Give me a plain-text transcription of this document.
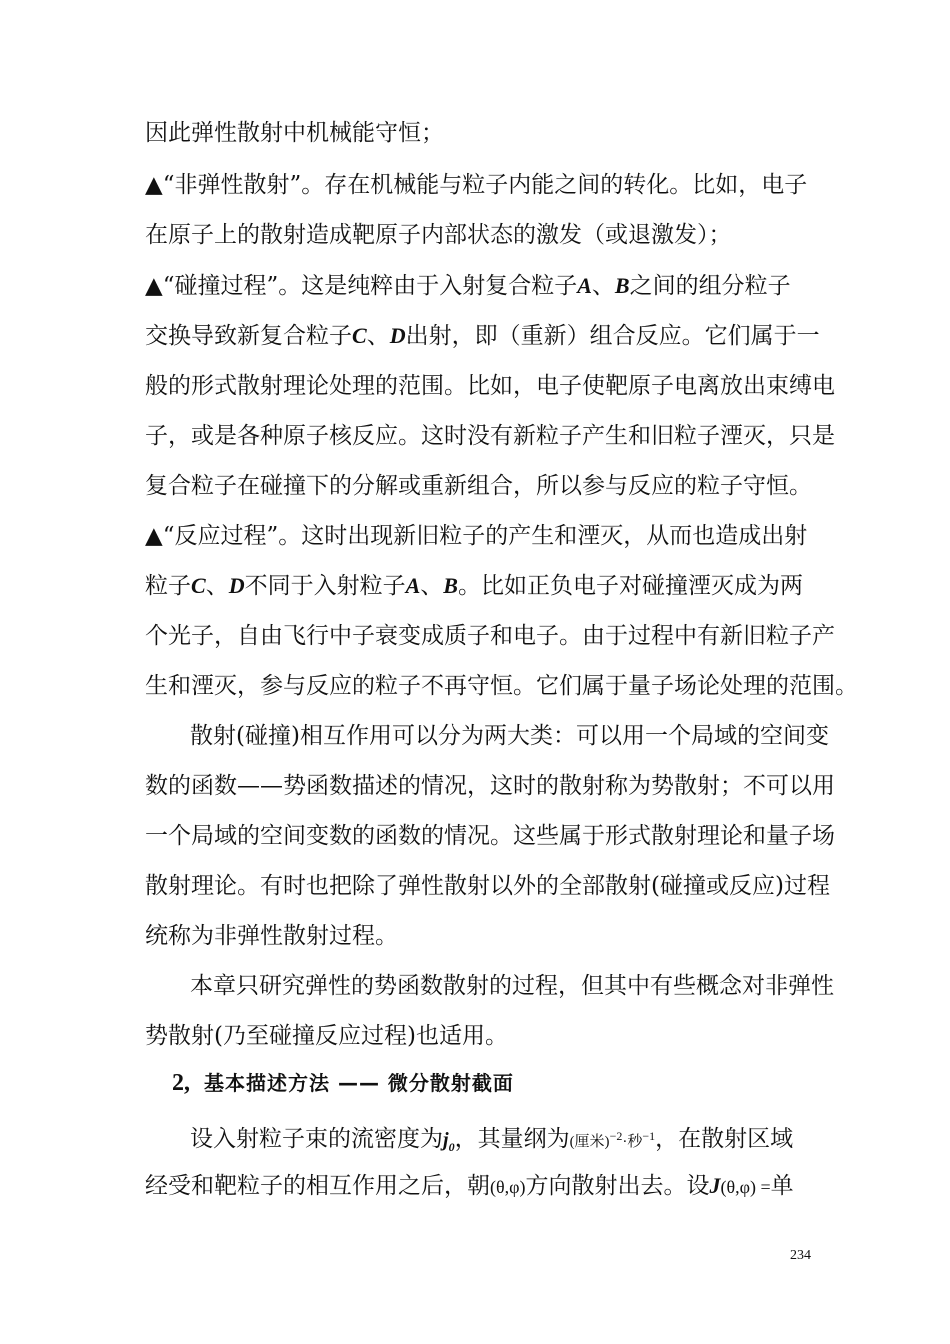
因此弹性散射中机械能守恒；
▲“非弹性散射”。存在机械能与粒子内能之间的转化。比如，电子
在原子上的散射造成靶原子内部状态的激发（或退激发）；
▲“碰撞过程”。这是纯粹由于入射复合粒子A、B之间的组分粒子
交换导致新复合粒子C、D出射，即（重新）组合反应。它们属于一
般的形式散射理论处理的范围。比如，电子使靶原子电离放出束缚电
子，或是各种原子核反应。这时没有新粒子产生和旧粒子湮灭，只是
复合粒子在碰撞下的分解或重新组合，所以参与反应的粒子守恒。
▲“反应过程”。这时出现新旧粒子的产生和湮灭，从而也造成出射
粒子C、D不同于入射粒子A、B。比如正负电子对碰撞湮灭成为两
个光子，自由飞行中子衰变成质子和电子。由于过程中有新旧粒子产
生和湮灭，参与反应的粒子不再守恒。它们属于量子场论处理的范围。
散射(碰撞)相互作用可以分为两大类：可以用一个局域的空间变
数的函数——势函数描述的情况，这时的散射称为势散射；不可以用
一个局域的空间变数的函数的情况。这些属于形式散射理论和量子场
散射理论。有时也把除了弹性散射以外的全部散射(碰撞或反应)过程
统称为非弹性散射过程。
本章只研究弹性的势函数散射的过程，但其中有些概念对非弹性
势散射(乃至碰撞反应过程)也适用。
2, 基本描述方法 —— 微分散射截面
设入射粒子束的流密度为$j_0$，其量纲为(厘米)$^{-2}$·秒$^{-1}$，在散射区域
经受和靶粒子的相互作用之后，朝(θ,φ)方向散射出去。设J(θ,φ) =单
234
